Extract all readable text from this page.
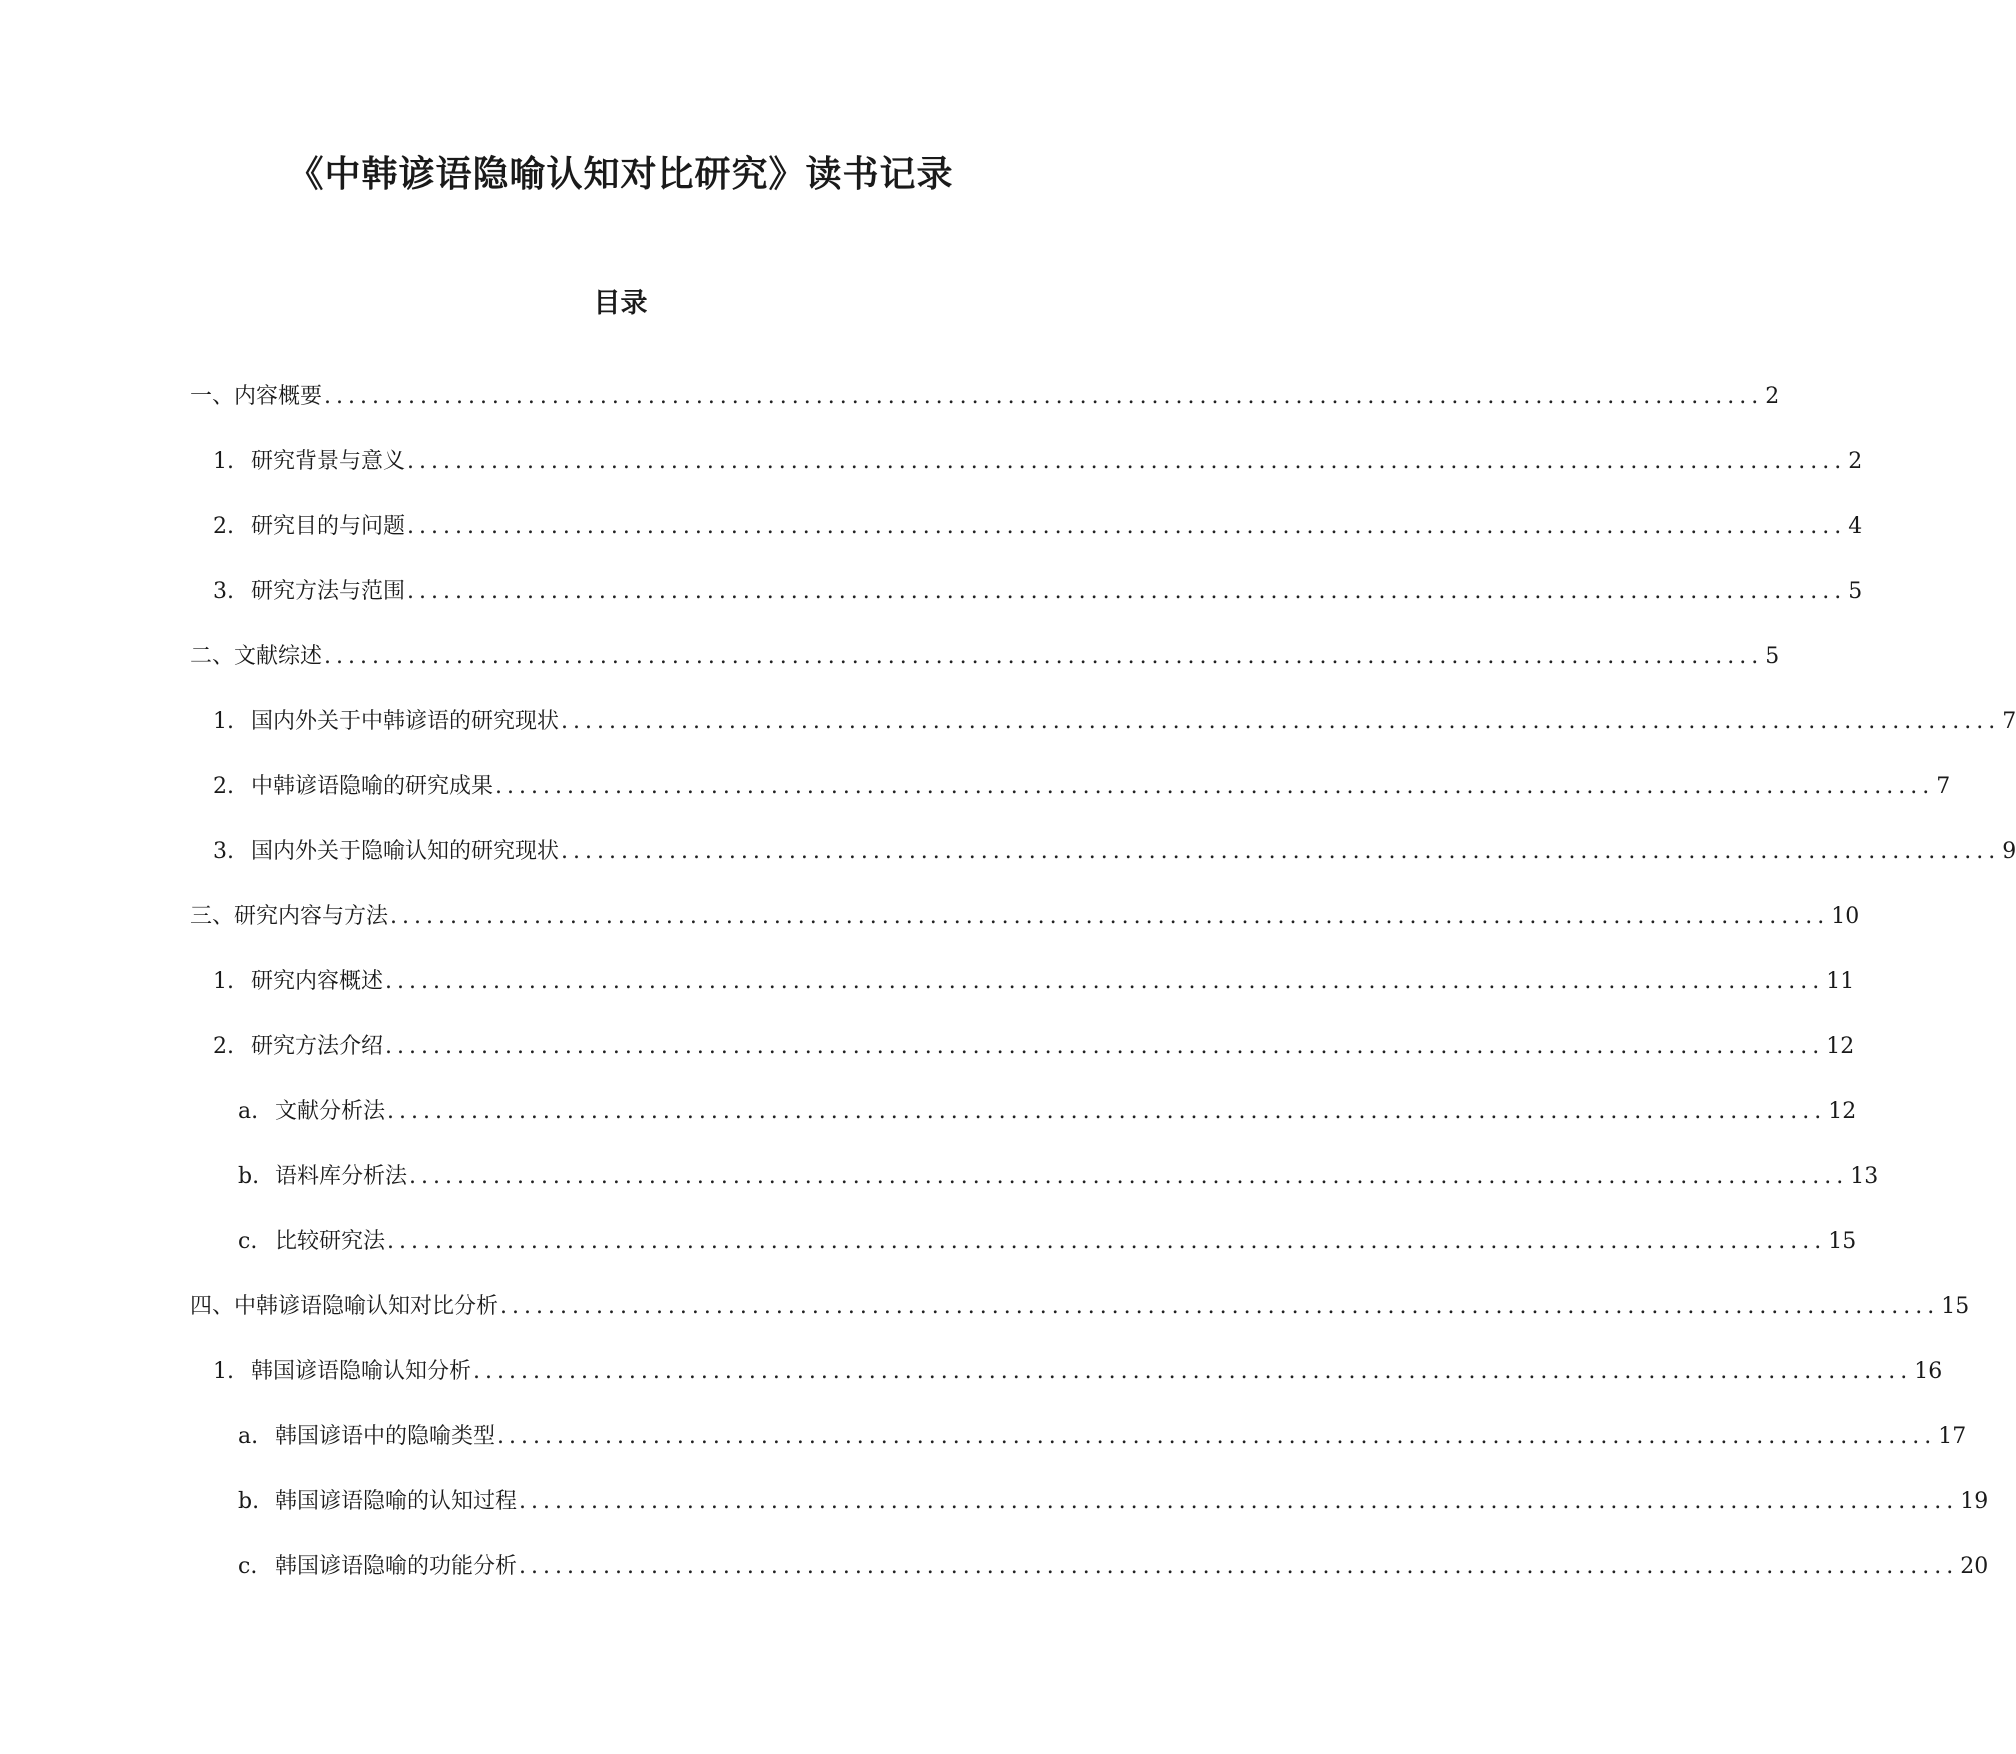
《中韩谚语隐喻认知对比研究》读书记录
目录
一、 内容概要 ........................................................................................................................ 2
1. 研究背景与意义 ........................................................................................................................ 2
2. 研究目的与问题 ........................................................................................................................ 4
3. 研究方法与范围 ........................................................................................................................ 5
二、 文献综述 ........................................................................................................................ 5
1. 国内外关于中韩谚语的研究现状 ........................................................................................................................ 7
2. 中韩谚语隐喻的研究成果 ........................................................................................................................ 7
3. 国内外关于隐喻认知的研究现状 ........................................................................................................................ 9
三、 研究内容与方法 ........................................................................................................................ 10
1. 研究内容概述 ........................................................................................................................ 11
2. 研究方法介绍 ........................................................................................................................ 12
a. 文献分析法 ........................................................................................................................ 12
b. 语料库分析法 ........................................................................................................................ 13
c. 比较研究法 ........................................................................................................................ 15
四、 中韩谚语隐喻认知对比分析 ........................................................................................................................ 15
1. 韩国谚语隐喻认知分析 ........................................................................................................................ 16
a. 韩国谚语中的隐喻类型 ........................................................................................................................ 17
b. 韩国谚语隐喻的认知过程 ........................................................................................................................ 19
c. 韩国谚语隐喻的功能分析 ........................................................................................................................ 20
